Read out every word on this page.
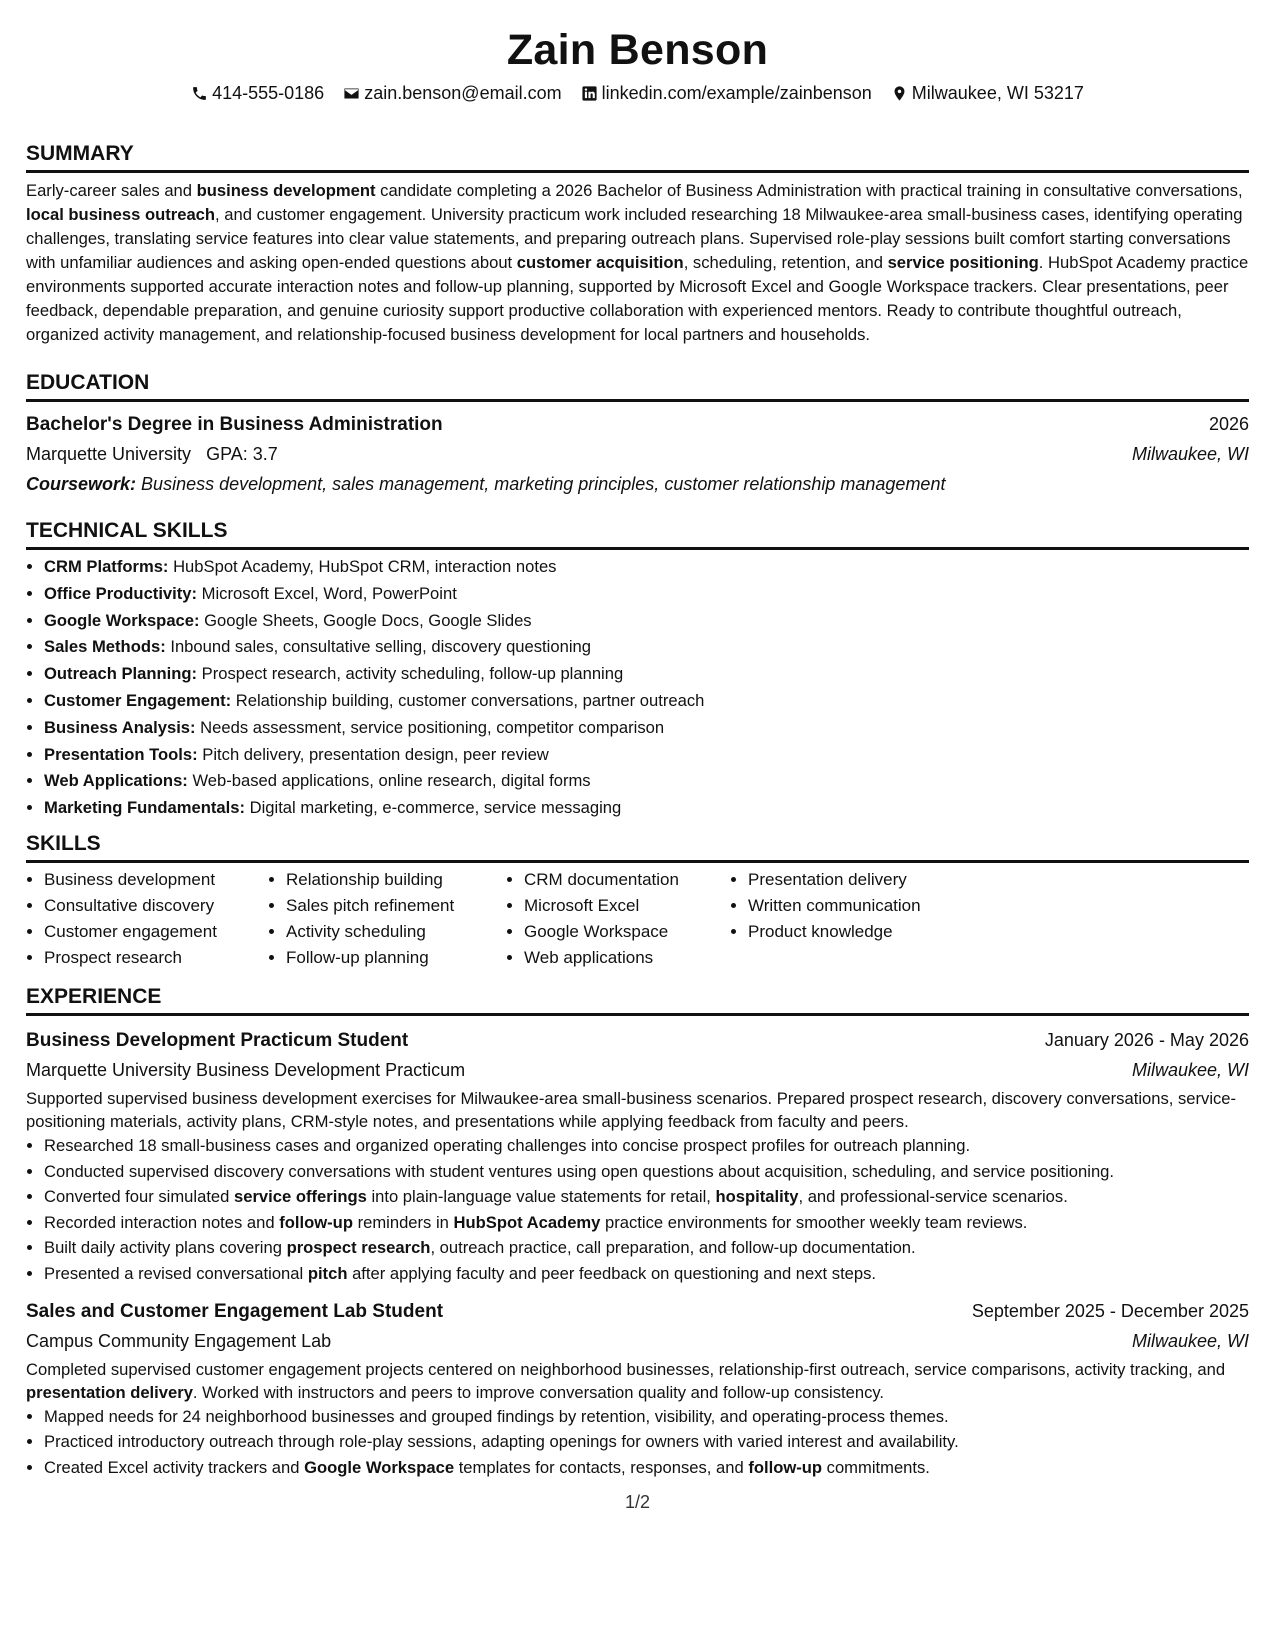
Zain Benson
414-555-0186
zain.benson@email.com
linkedin.com/example/zainbenson
Milwaukee, WI 53217
SUMMARY
Early-career sales and business development candidate completing a 2026 Bachelor of Business Administration with practical training in consultative conversations, local business outreach, and customer engagement. University practicum work included researching 18 Milwaukee-area small-business cases, identifying operating challenges, translating service features into clear value statements, and preparing outreach plans. Supervised role-play sessions built comfort starting conversations with unfamiliar audiences and asking open-ended questions about customer acquisition, scheduling, retention, and service positioning. HubSpot Academy practice environments supported accurate interaction notes and follow-up planning, supported by Microsoft Excel and Google Workspace trackers. Clear presentations, peer feedback, dependable preparation, and genuine curiosity support productive collaboration with experienced mentors. Ready to contribute thoughtful outreach, organized activity management, and relationship-focused business development for local partners and households.
EDUCATION
Bachelor's Degree in Business Administration	2026
Marquette University GPA: 3.7	Milwaukee, WI
Coursework: Business development, sales management, marketing principles, customer relationship management
TECHNICAL SKILLS
• CRM Platforms: HubSpot Academy, HubSpot CRM, interaction notes
• Office Productivity: Microsoft Excel, Word, PowerPoint
• Google Workspace: Google Sheets, Google Docs, Google Slides
• Sales Methods: Inbound sales, consultative selling, discovery questioning
• Outreach Planning: Prospect research, activity scheduling, follow-up planning
• Customer Engagement: Relationship building, customer conversations, partner outreach
• Business Analysis: Needs assessment, service positioning, competitor comparison
• Presentation Tools: Pitch delivery, presentation design, peer review
• Web Applications: Web-based applications, online research, digital forms
• Marketing Fundamentals: Digital marketing, e-commerce, service messaging
SKILLS
• Business development
• Consultative discovery
• Customer engagement
• Prospect research
• Relationship building
• Sales pitch refinement
• Activity scheduling
• Follow-up planning
• CRM documentation
• Microsoft Excel
• Google Workspace
• Web applications
• Presentation delivery
• Written communication
• Product knowledge
EXPERIENCE
Business Development Practicum Student	January 2026 - May 2026
Marquette University Business Development Practicum	Milwaukee, WI
Supported supervised business development exercises for Milwaukee-area small-business scenarios. Prepared prospect research, discovery conversations, service-positioning materials, activity plans, CRM-style notes, and presentations while applying feedback from faculty and peers.
• Researched 18 small-business cases and organized operating challenges into concise prospect profiles for outreach planning.
• Conducted supervised discovery conversations with student ventures using open questions about acquisition, scheduling, and service positioning.
• Converted four simulated service offerings into plain-language value statements for retail, hospitality, and professional-service scenarios.
• Recorded interaction notes and follow-up reminders in HubSpot Academy practice environments for smoother weekly team reviews.
• Built daily activity plans covering prospect research, outreach practice, call preparation, and follow-up documentation.
• Presented a revised conversational pitch after applying faculty and peer feedback on questioning and next steps.
Sales and Customer Engagement Lab Student	September 2025 - December 2025
Campus Community Engagement Lab	Milwaukee, WI
Completed supervised customer engagement projects centered on neighborhood businesses, relationship-first outreach, service comparisons, activity tracking, and presentation delivery. Worked with instructors and peers to improve conversation quality and follow-up consistency.
• Mapped needs for 24 neighborhood businesses and grouped findings by retention, visibility, and operating-process themes.
• Practiced introductory outreach through role-play sessions, adapting openings for owners with varied interest and availability.
• Created Excel activity trackers and Google Workspace templates for contacts, responses, and follow-up commitments.
1/2
